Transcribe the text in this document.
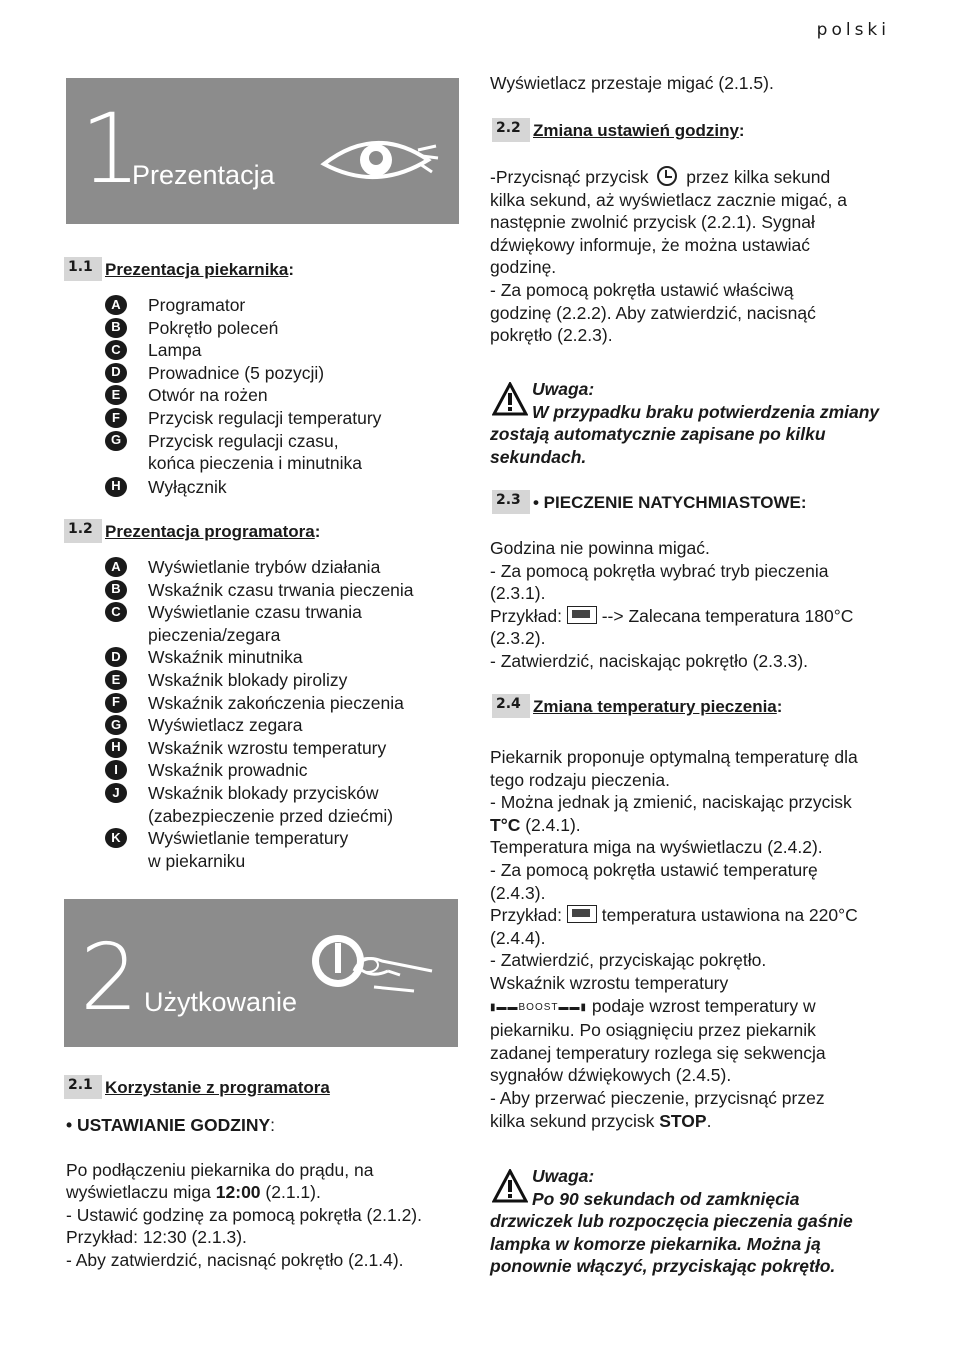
polski
1
Prezentacja
1.1 Prezentacja piekarnika:
A	Programator
B	Pokrętło poleceń
C	Lampa
D	Prowadnice (5 pozycji)
E	Otwór na rożen
F	Przycisk regulacji temperatury
G	Przycisk regulacji czasu,
końca pieczenia i minutnika
H	Wyłącznik
1.2 Prezentacja programatora:
A	Wyświetlanie trybów działania
B	Wskaźnik czasu trwania pieczenia
C	Wyświetlanie czasu trwania
pieczenia/zegara
D	Wskaźnik minutnika
E	Wskaźnik blokady pirolizy
F	Wskaźnik zakończenia pieczenia
G	Wyświetlacz zegara
H	Wskaźnik wzrostu temperatury
I	Wskaźnik prowadnic
J	Wskaźnik blokady przycisków
(zabezpieczenie przed dziećmi)
K	Wyświetlanie temperatury
w piekarniku
2 Użytkowanie
2.1 Korzystanie z programatora

• USTAWIANIE GODZINY:

Po podłączeniu piekarnika do prądu, na

wyświetlaczu miga 12:00 (2.1.1).

- Ustawić godzinę za pomocą pokrętła (2.1.2).

Przykład: 12:30 (2.1.3).

- Aby zatwierdzić, nacisnąć pokrętło (2.1.4).

Wyświetlacz przestaje migać (2.1.5).
2.2 Zmiana ustawień godziny:

-Przycisnąć przycisk przez kilka sekund

kilka sekund, aż wyświetlacz zacznie migać, a

następnie zwolnić przycisk (2.2.1). Sygnał

dźwiękowy informuje, że można ustawiać

godzinę.

- Za pomocą pokrętła ustawić właściwą

godzinę (2.2.2). Aby zatwierdzić, nacisnąć

pokrętło (2.2.3).

Uwaga:

W przypadku braku potwierdzenia zmiany

zostają automatycznie zapisane po kilku

sekundach.

2.3 • PIECZENIE NATYCHMIASTOWE:

Godzina nie powinna migać.

- Za pomocą pokrętła wybrać tryb pieczenia

(2.3.1).

Przykład: --> Zalecana temperatura 180°C

(2.3.2).

- Zatwierdzić, naciskając pokrętło (2.3.3).

2.4 Zmiana temperatury pieczenia:

Piekarnik proponuje optymalną temperaturę dla

tego rodzaju pieczenia.

- Można jednak ją zmienić, naciskając przycisk

T°C (2.4.1).

Temperatura miga na wyświetlaczu (2.4.2).

- Za pomocą pokrętła ustawić temperaturę

(2.4.3).

Przykład: temperatura ustawiona na 220°C

(2.4.4).

- Zatwierdzić, przyciskając pokrętło.

Wskaźnik wzrostu temperatury

▮▬▬BOOST▬▬▮ podaje wzrost temperatury w

piekarniku. Po osiągnięciu przez piekarnik

zadanej temperatury rozlega się sekwencja

sygnałów dźwiękowych (2.4.5).

- Aby przerwać pieczenie, przycisnąć przez

kilka sekund przycisk STOP.

Uwaga:

Po 90 sekundach od zamknięcia

drzwiczek lub rozpoczęcia pieczenia gaśnie

lampka w komorze piekarnika. Można ją

ponownie włączyć, przyciskając pokrętło.
